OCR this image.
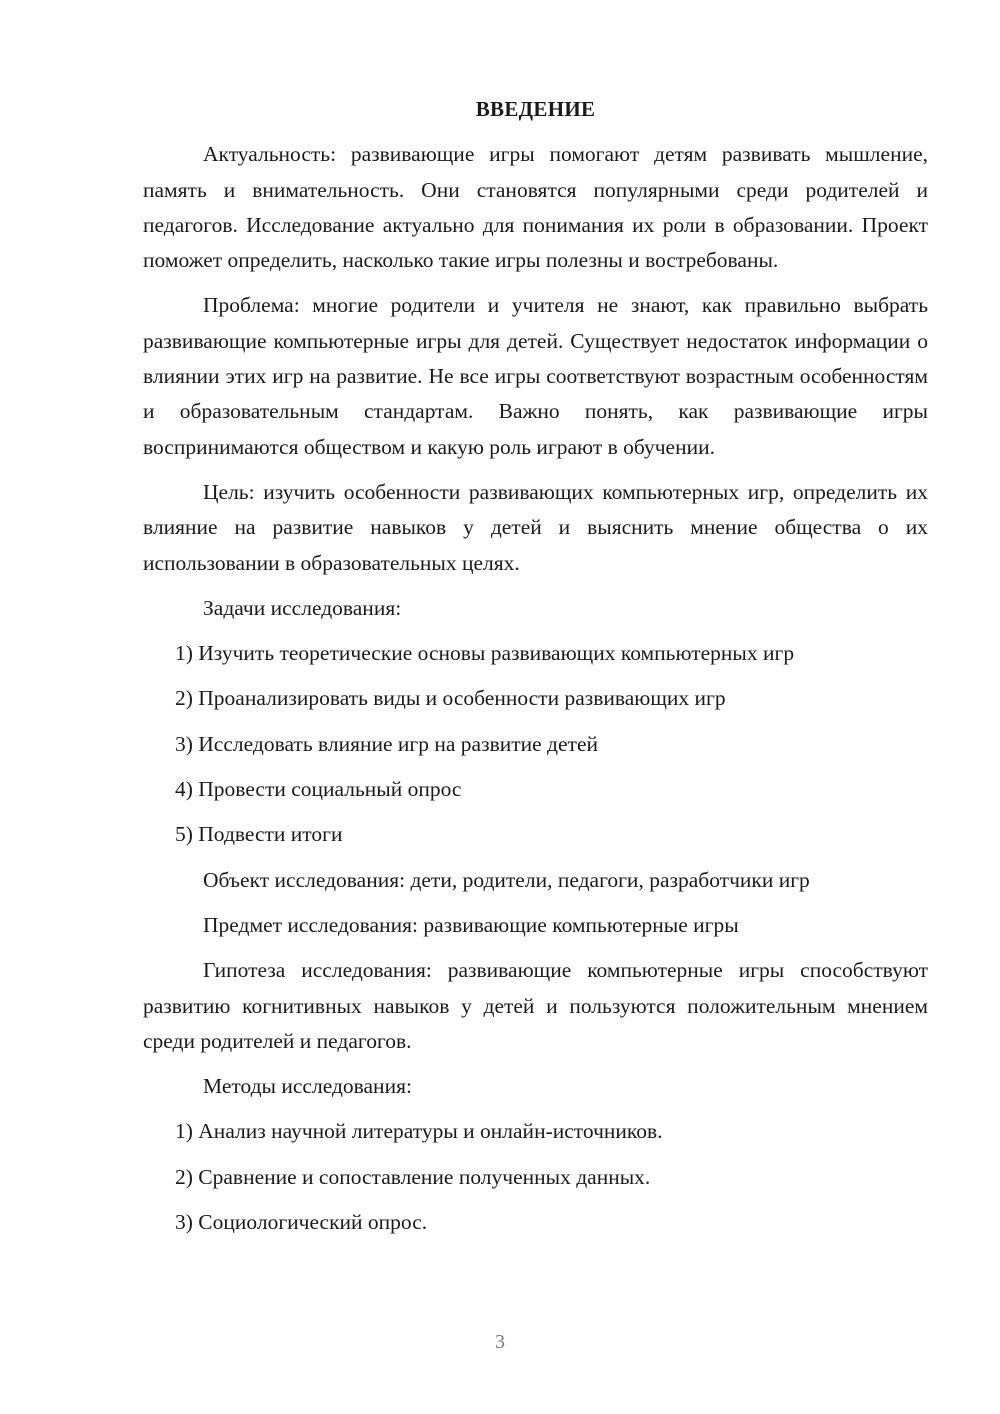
ВВЕДЕНИЕ

Актуальность: развивающие игры помогают детям развивать мышление, память и внимательность. Они становятся популярными среди родителей и педагогов. Исследование актуально для понимания их роли в образовании. Проект поможет определить, насколько такие игры полезны и востребованы.

Проблема: многие родители и учителя не знают, как правильно выбрать развивающие компьютерные игры для детей. Существует недостаток информации о влиянии этих игр на развитие. Не все игры соответствуют возрастным особенностям и образовательным стандартам. Важно понять, как развивающие игры воспринимаются обществом и какую роль играют в обучении.

Цель: изучить особенности развивающих компьютерных игр, определить их влияние на развитие навыков у детей и выяснить мнение общества о их использовании в образовательных целях.

Задачи исследования:
1) Изучить теоретические основы развивающих компьютерных игр
2) Проанализировать виды и особенности развивающих игр
3) Исследовать влияние игр на развитие детей
4) Провести социальный опрос
5) Подвести итоги
Объект исследования: дети, родители, педагоги, разработчики игр
Предмет исследования: развивающие компьютерные игры

Гипотеза исследования: развивающие компьютерные игры способствуют развитию когнитивных навыков у детей и пользуются положительным мнением среди родителей и педагогов.

Методы исследования:
1) Анализ научной литературы и онлайн-источников.
2) Сравнение и сопоставление полученных данных.
3) Социологический опрос.
3
